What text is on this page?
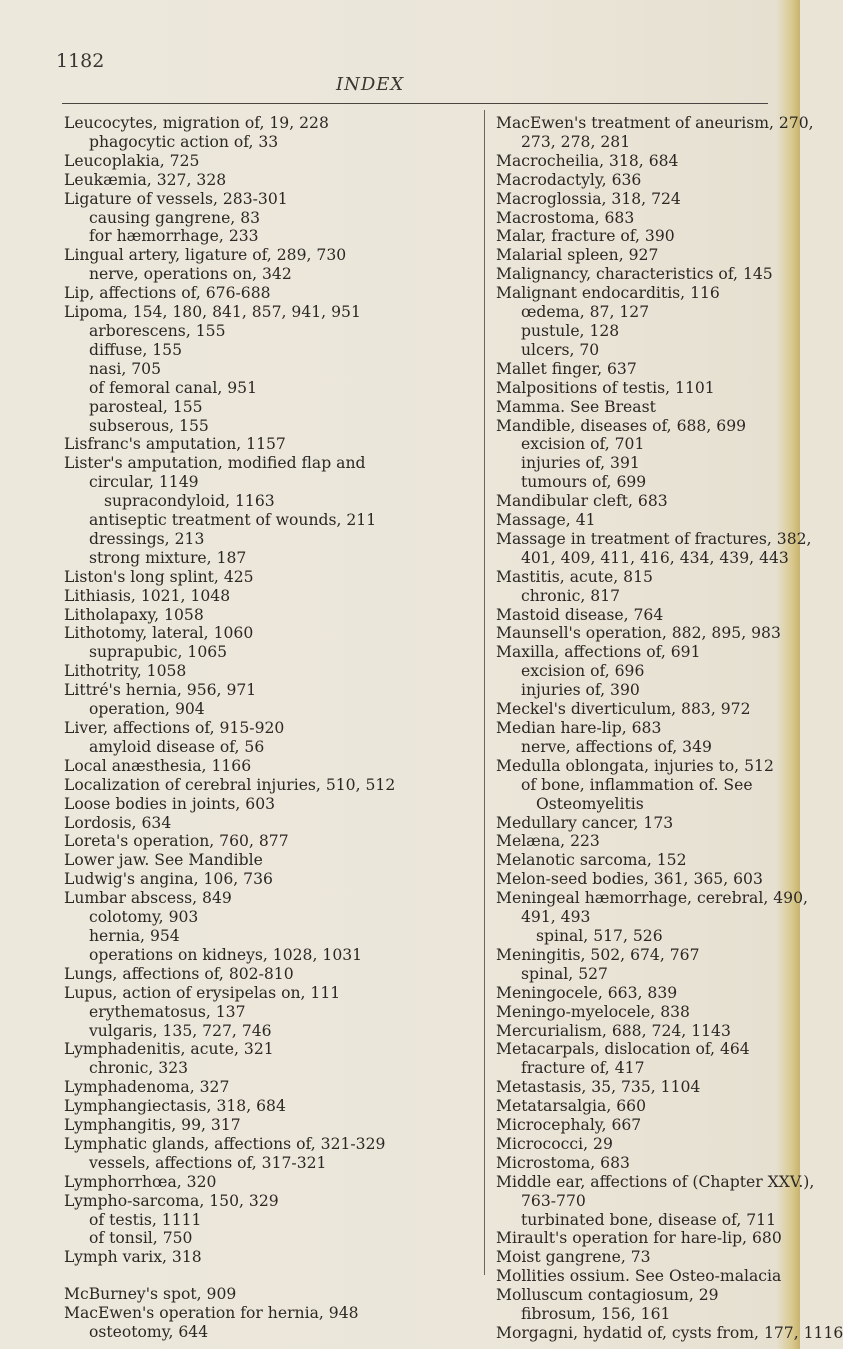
1182
INDEX
Leucocytes, migration of, 19, 228
phagocytic action of, 33
Leucoplakia, 725
Leukæmia, 327, 328
Ligature of vessels, 283-301
causing gangrene, 83
for hæmorrhage, 233
Lingual artery, ligature of, 289, 730
nerve, operations on, 342
Lip, affections of, 676-688
Lipoma, 154, 180, 841, 857, 941, 951
arborescens, 155
diffuse, 155
nasi, 705
of femoral canal, 951
parosteal, 155
subserous, 155
Lisfranc's amputation, 1157
Lister's amputation, modified flap and
circular, 1149
supracondyloid, 1163
antiseptic treatment of wounds, 211
dressings, 213
strong mixture, 187
Liston's long splint, 425
Lithiasis, 1021, 1048
Litholapaxy, 1058
Lithotomy, lateral, 1060
suprapubic, 1065
Lithotrity, 1058
Littré's hernia, 956, 971
operation, 904
Liver, affections of, 915-920
amyloid disease of, 56
Local anæsthesia, 1166
Localization of cerebral injuries, 510, 512
Loose bodies in joints, 603
Lordosis, 634
Loreta's operation, 760, 877
Lower jaw. See Mandible
Ludwig's angina, 106, 736
Lumbar abscess, 849
colotomy, 903
hernia, 954
operations on kidneys, 1028, 1031
Lungs, affections of, 802-810
Lupus, action of erysipelas on, 111
erythematosus, 137
vulgaris, 135, 727, 746
Lymphadenitis, acute, 321
chronic, 323
Lymphadenoma, 327
Lymphangiectasis, 318, 684
Lymphangitis, 99, 317
Lymphatic glands, affections of, 321-329
vessels, affections of, 317-321
Lymphorrhœa, 320
Lympho-sarcoma, 150, 329
of testis, 1111
of tonsil, 750
Lymph varix, 318
McBurney's spot, 909
MacEwen's operation for hernia, 948
osteotomy, 644
MacEwen's treatment of aneurism, 270,
273, 278, 281
Macrocheilia, 318, 684
Macrodactyly, 636
Macroglossia, 318, 724
Macrostoma, 683
Malar, fracture of, 390
Malarial spleen, 927
Malignancy, characteristics of, 145
Malignant endocarditis, 116
œdema, 87, 127
pustule, 128
ulcers, 70
Mallet finger, 637
Malpositions of testis, 1101
Mamma. See Breast
Mandible, diseases of, 688, 699
excision of, 701
injuries of, 391
tumours of, 699
Mandibular cleft, 683
Massage, 41
Massage in treatment of fractures, 382,
401, 409, 411, 416, 434, 439, 443
Mastitis, acute, 815
chronic, 817
Mastoid disease, 764
Maunsell's operation, 882, 895, 983
Maxilla, affections of, 691
excision of, 696
injuries of, 390
Meckel's diverticulum, 883, 972
Median hare-lip, 683
nerve, affections of, 349
Medulla oblongata, injuries to, 512
of bone, inflammation of. See
Osteomyelitis
Medullary cancer, 173
Melæna, 223
Melanotic sarcoma, 152
Melon-seed bodies, 361, 365, 603
Meningeal hæmorrhage, cerebral, 490,
491, 493
spinal, 517, 526
Meningitis, 502, 674, 767
spinal, 527
Meningocele, 663, 839
Meningo-myelocele, 838
Mercurialism, 688, 724, 1143
Metacarpals, dislocation of, 464
fracture of, 417
Metastasis, 35, 735, 1104
Metatarsalgia, 660
Microcephaly, 667
Micrococci, 29
Microstoma, 683
Middle ear, affections of (Chapter XXV.),
763-770
turbinated bone, disease of, 711
Mirault's operation for hare-lip, 680
Moist gangrene, 73
Mollities ossium. See Osteo-malacia
Molluscum contagiosum, 29
fibrosum, 156, 161
Morgagni, hydatid of, cysts from, 177, 1116
